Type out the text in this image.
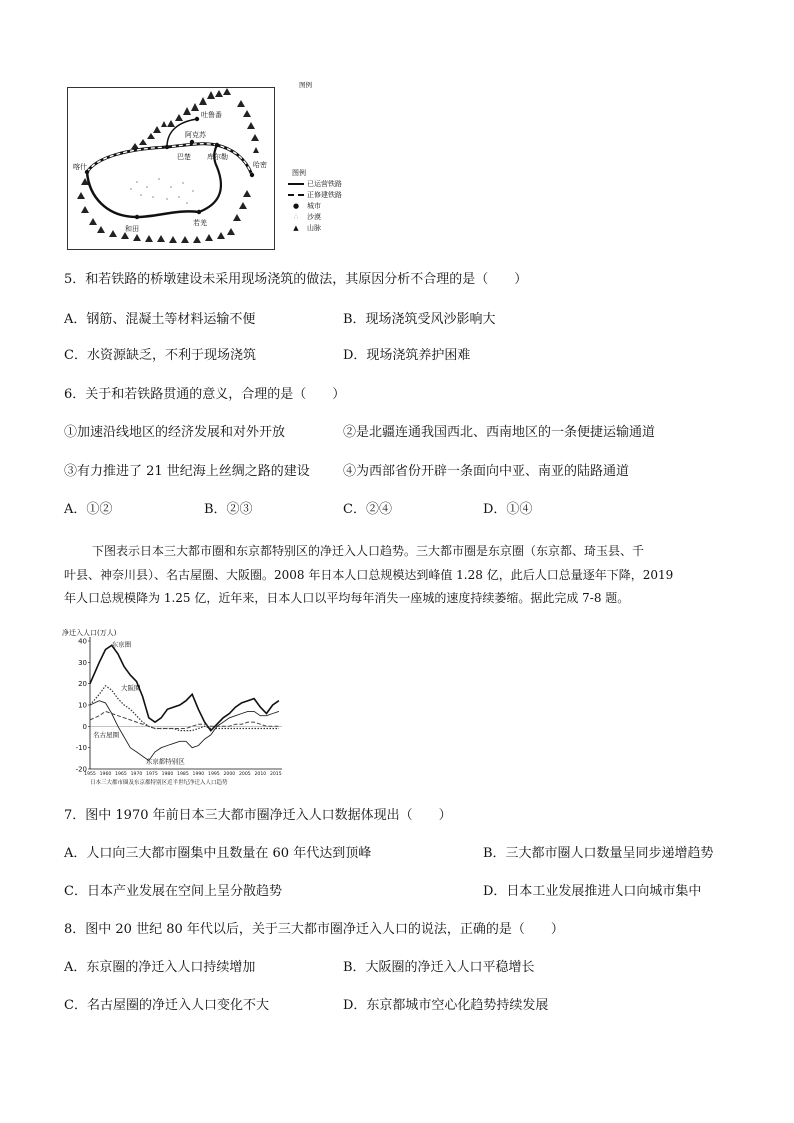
喀什
阿克苏
巴楚 库尔勒
哈密
和田
若羌
吐鲁番
图例
图例
已运营铁路
正修建铁路
● 城市
∴ 沙漠
▲ 山脉
5．和若铁路的桥墩建设未采用现场浇筑的做法，其原因分析不合理的是（　　）
A．钢筋、混凝土等材料运输不便	B．现场浇筑受风沙影响大
C．水资源缺乏，不利于现场浇筑	D．现场浇筑养护困难
6．关于和若铁路贯通的意义，合理的是（　　）
①加速沿线地区的经济发展和对外开放	②是北疆连通我国西北、西南地区的一条便捷运输通道
③有力推进了 21 世纪海上丝绸之路的建设	④为西部省份开辟一条面向中亚、南亚的陆路通道
A．①②	B．②③	C．②④	D．①④
下图表示日本三大都市圈和东京都特别区的净迁入人口趋势。三大都市圈是东京圈（东京都、琦玉县、千
叶县、神奈川县）、名古屋圈、大阪圈。2008 年日本人口总规模达到峰值 1.28 亿，此后人口总量逐年下降，2019
年人口总规模降为 1.25 亿，近年来，日本人口以平均每年消失一座城的速度持续萎缩。据此完成 7-8 题。
净迁入人口(万人)
40
30
20
10
0
-10
-20
1955 1960 1965 1970 1975 1980 1985 1990 1995 2000 2005 2010 2015
东京圈
大阪圈
名古屋圈
东京都特别区
日本三大都市圈及东京都特别区近半世纪净迁入人口趋势
7．图中 1970 年前日本三大都市圈净迁入人口数据体现出（　　）
A．人口向三大都市圈集中且数量在 60 年代达到顶峰	B．三大都市圈人口数量呈同步递增趋势
C．日本产业发展在空间上呈分散趋势	D．日本工业发展推进人口向城市集中
8．图中 20 世纪 80 年代以后，关于三大都市圈净迁入人口的说法，正确的是（　　）
A．东京圈的净迁入人口持续增加	B．大阪圈的净迁入人口平稳增长
C．名古屋圈的净迁入人口变化不大	D．东京都城市空心化趋势持续发展
